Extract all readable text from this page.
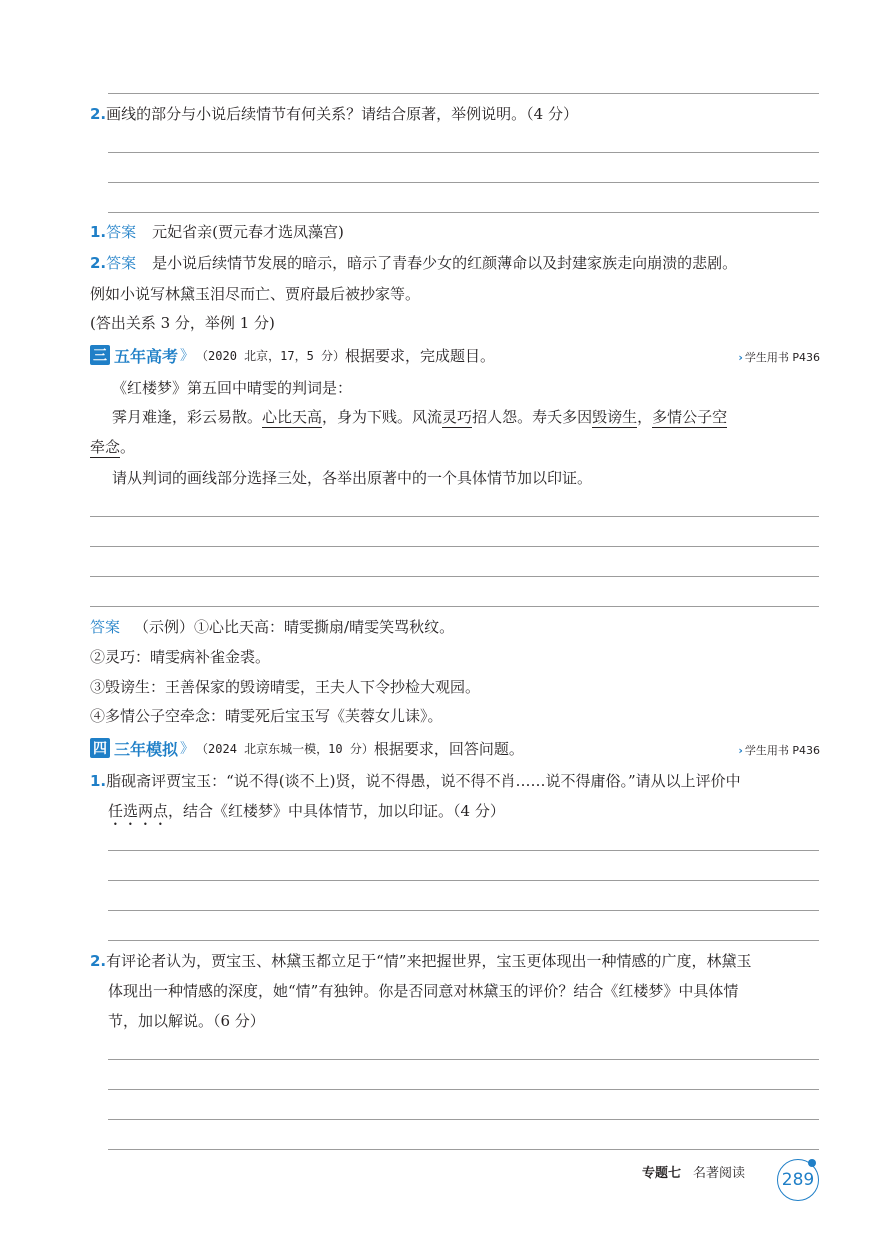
2.画线的部分与小说后续情节有何关系？请结合原著，举例说明。（4 分）
1.答案 元妃省亲(贾元春才选凤藻宫)
2.答案 是小说后续情节发展的暗示，暗示了青春少女的红颜薄命以及封建家族走向崩溃的悲剧。
例如小说写林黛玉泪尽而亡、贾府最后被抄家等。
(答出关系 3 分，举例 1 分)
三 五年高考 》 （2020 北京，17，5 分） 根据要求，完成题目。	› 学生用书 P436
《红楼梦》第五回中晴雯的判词是：
霁月难逢，彩云易散。心比天高，身为下贱。风流灵巧招人怨。寿夭多因毁谤生，多情公子空
牵念。
请从判词的画线部分选择三处，各举出原著中的一个具体情节加以印证。
答案 （示例）①心比天高：晴雯撕扇/晴雯笑骂秋纹。
②灵巧：晴雯病补雀金裘。
③毁谤生：王善保家的毁谤晴雯，王夫人下令抄检大观园。
④多情公子空牵念：晴雯死后宝玉写《芙蓉女儿诔》。
四 三年模拟 》 （2024 北京东城一模，10 分） 根据要求，回答问题。	› 学生用书 P436
1.脂砚斋评贾宝玉：“说不得(谈不上)贤，说不得愚，说不得不肖……说不得庸俗。”请从以上评价中
任选两点，结合《红楼梦》中具体情节，加以印证。（4 分）
2.有评论者认为，贾宝玉、林黛玉都立足于“情”来把握世界，宝玉更体现出一种情感的广度，林黛玉
体现出一种情感的深度，她“情”有独钟。你是否同意对林黛玉的评价？结合《红楼梦》中具体情
节，加以解说。（6 分）
专题七 名著阅读 289
